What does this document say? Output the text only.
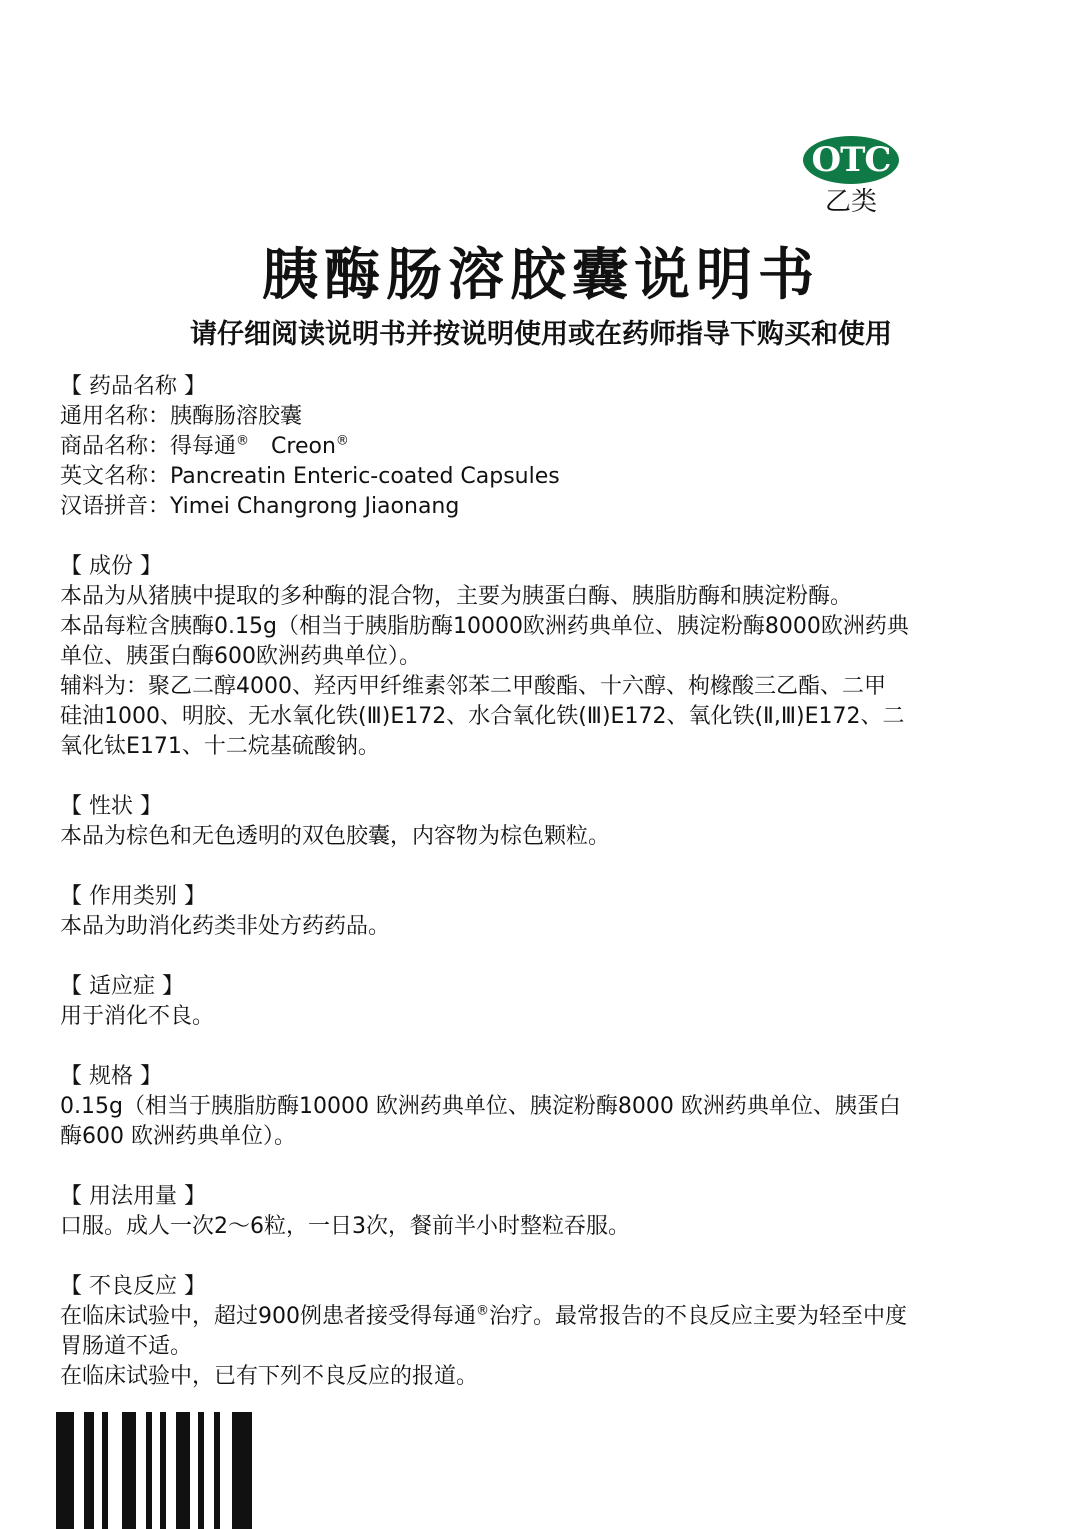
OTC
乙类
胰酶肠溶胶囊说明书
请仔细阅读说明书并按说明使用或在药师指导下购买和使用
【 药品名称 】
通用名称：胰酶肠溶胶囊
商品名称：得每通® Creon®
英文名称：Pancreatin Enteric-coated Capsules
汉语拼音：Yimei Changrong Jiaonang
【 成份 】
本品为从猪胰中提取的多种酶的混合物，主要为胰蛋白酶、胰脂肪酶和胰淀粉酶。
本品每粒含胰酶0.15g（相当于胰脂肪酶10000欧洲药典单位、胰淀粉酶8000欧洲药典
单位、胰蛋白酶600欧洲药典单位）。
辅料为：聚乙二醇4000、羟丙甲纤维素邻苯二甲酸酯、十六醇、枸橼酸三乙酯、二甲
硅油1000、明胶、无水氧化铁(Ⅲ)E172、水合氧化铁(Ⅲ)E172、氧化铁(Ⅱ,Ⅲ)E172、二
氧化钛E171、十二烷基硫酸钠。
【 性状 】
本品为棕色和无色透明的双色胶囊，内容物为棕色颗粒。
【 作用类别 】
本品为助消化药类非处方药药品。
【 适应症 】
用于消化不良。
【 规格 】
0.15g（相当于胰脂肪酶10000 欧洲药典单位、胰淀粉酶8000 欧洲药典单位、胰蛋白
酶600 欧洲药典单位）。
【 用法用量 】
口服。成人一次2～6粒，一日3次，餐前半小时整粒吞服。
【 不良反应 】
在临床试验中，超过900例患者接受得每通®治疗。最常报告的不良反应主要为轻至中度
胃肠道不适。
在临床试验中，已有下列不良反应的报道。
